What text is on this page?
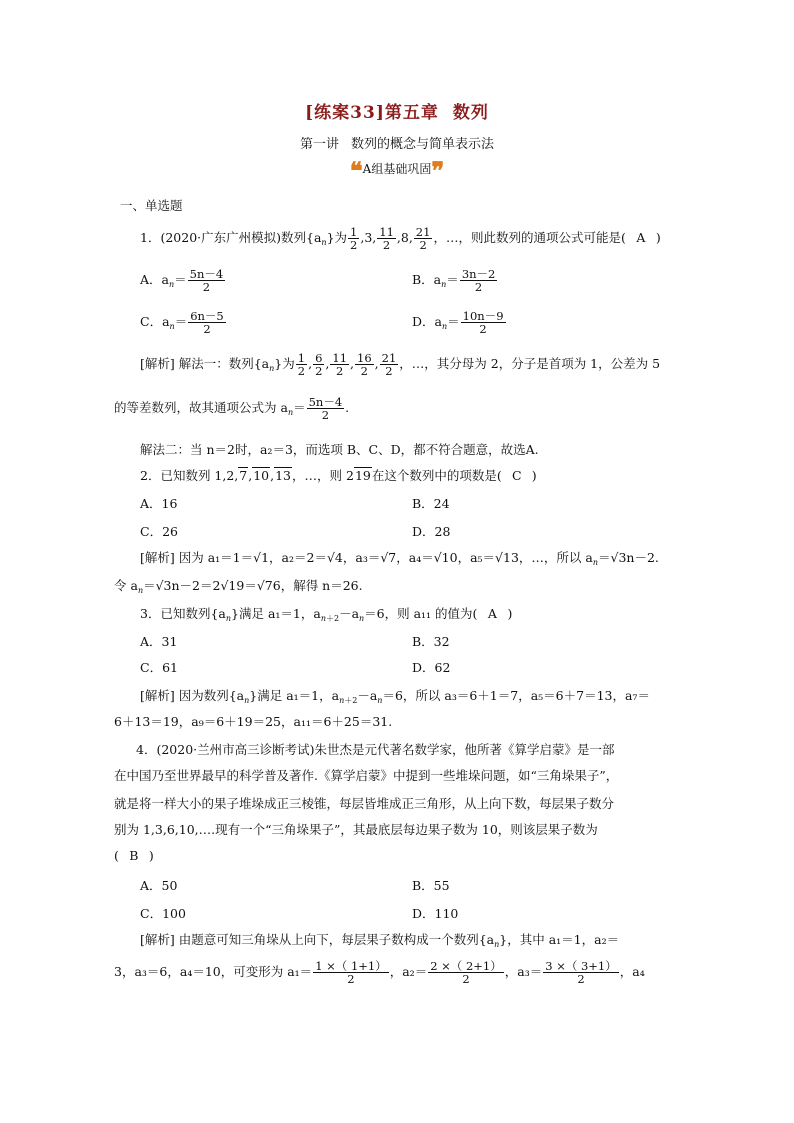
[练案33]第五章 数列
第一讲 数列的概念与简单表示法
❝A组基础巩固❞
一、单选题
1．(2020·广东广州模拟)数列$\{a_n\}$为 $\frac{1}{2} ,3$, $\frac{11}{2} ,8$, $\frac{21}{2}$ ，…，则此数列的通项公式可能是( A )
A．$a_n= \frac{5n-4}{2}$	B．$a_n= \frac{3n-2}{2}$
C．$a_n= \frac{6n-5}{2}$	D．$a_n= \frac{10n-9}{2}$
[解析] 解法一：数列$\{a_n\}$为 $\frac{1}{2}$ , $\frac{6}{2}$ , $\frac{11}{2}$ , $\frac{16}{2}$ , $\frac{21}{2}$ ，…，其分母为 2，分子是首项为 1，公差为 5
的等差数列，故其通项公式为 $a_n= \frac{5n-4}{2}$ .
解法二：当 n＝2时，a₂＝3，而选项 B、C、D，都不符合题意，故选A.
2．已知数列 1,2,7,10,13，…，则 219在这个数列中的项数是( C )
A．16	B．24
C．26	D．28
[解析] 因为 a₁＝1＝√1，a₂＝2＝√4，a₃＝√7，a₄＝√10，a₅＝√13，…，所以 $a_n=√3n-2$.
令 $a_n=√3n-2=2√19=√76$，解得 n＝26.
3．已知数列$\{a_n\}$满足 a₁＝1，$a_{n+2}-a_n=6$，则 a₁₁ 的值为( A )
A．31	B．32
C．61	D．62
[解析] 因为数列$\{a_n\}$满足 a₁＝1，$a_{n+2}-a_n=6$，所以 a₃＝6＋1＝7，a₅＝6＋7＝13，a₇＝
6＋13＝19，a₉＝6＋19＝25，a₁₁＝6＋25＝31.
4．(2020·兰州市高三诊断考试)朱世杰是元代著名数学家，他所著《算学启蒙》是一部
在中国乃至世界最早的科学普及著作.《算学启蒙》中提到一些堆垛问题，如“三角垛果子”，
就是将一样大小的果子堆垛成正三棱锥，每层皆堆成正三角形，从上向下数，每层果子数分
别为 1,3,6,10,….现有一个“三角垛果子”，其最底层每边果子数为 10，则该层果子数为
( B )
A．50	B．55
C．100	D．110
[解析] 由题意可知三角垛从上向下，每层果子数构成一个数列$\{a_n\}$，其中 a₁＝1，a₂＝
3，a₃＝6，a₄＝10，可变形为 $a_1= \frac{1 \times( 1+1)}{2}$ ，$a_2= \frac{2 \times( 2+1)}{2}$ ，$a_3= \frac{3 \times( 3+1)}{2}$ ，a₄
